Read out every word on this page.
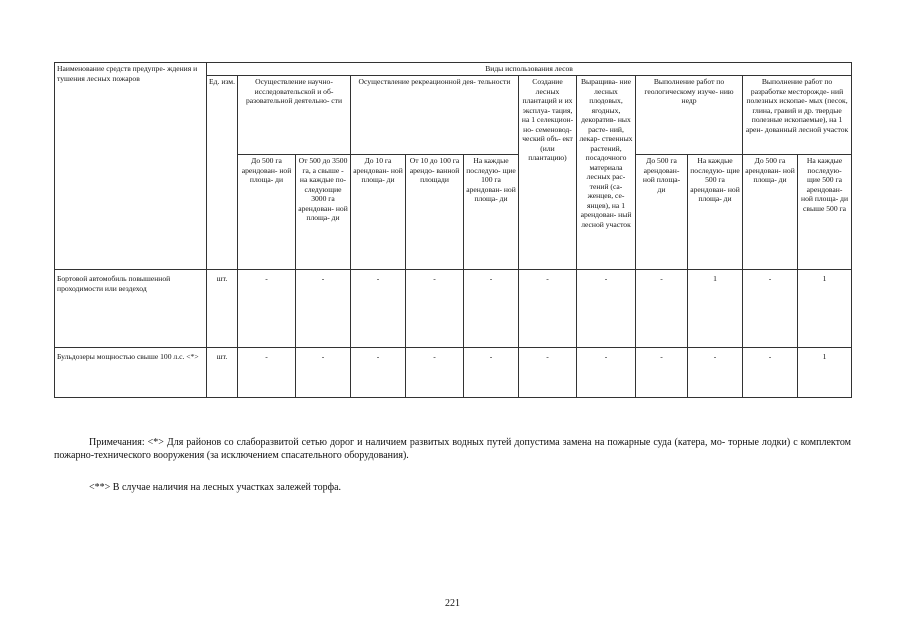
Наименование средств предупре- ждения и тушения лесных пожаров	Виды использования лесов											
	Ед. изм.	Осуществление научно- исследовательской и об- разовательной деятельно- сти		Осуществление рекреационной дея- тельности			Создание лесных плантаций и их эксплуа- тация, на 1 селекцион- но- семеновод- ческий объ- ект (или плантацию)	Выращива- ние лесных плодовых, ягодных, декоратив- ных расте- ний, лекар- ственных растений, посадочного материала лесных рас- тений (са- женцев, се- янцев), на 1 арендован- ный лесной участок	Выполнение работ по геологическому изуче- нию недр		Выполнение работ по разработке месторожде- ний полезных ископае- мых (песок, глина, гравий и др. твердые полезные ископаемые), на 1 арен- дованный лесной участок	
		До 500 га арендован- ной площа- ди	От 500 до 3500 га, а свыше - на каждые по- следующие 3000 га арендован- ной площа- ди	До 10 га арендован- ной площа- ди	От 10 до 100 га арендо- ванной площади	На каждые последую- щие 100 га арендован- ной площа- ди			До 500 га арендован- ной площа- ди	На каждые последую- щие 500 га арендован- ной площа- ди	До 500 га арендован- ной площа- ди	На каждые последую- щие 500 га арендован- ной площа- ди свыше 500 га
Бортовой автомобиль повышенной проходимости или вездеход	шт.	-	-	-	-	-	-	-	-	1	-	1
Бульдозеры мощностью свыше 100 л.с. <*>	шт.	-	-	-	-	-	-	-	-	-	-	1
Примечания: <*> Для районов со слаборазвитой сетью дорог и наличием развитых водных путей допустима замена на пожарные суда (катера, мо- торные лодки) с комплектом пожарно-технического вооружения (за исключением спасательного оборудования).
<**> В случае наличия на лесных участках залежей торфа.
221
